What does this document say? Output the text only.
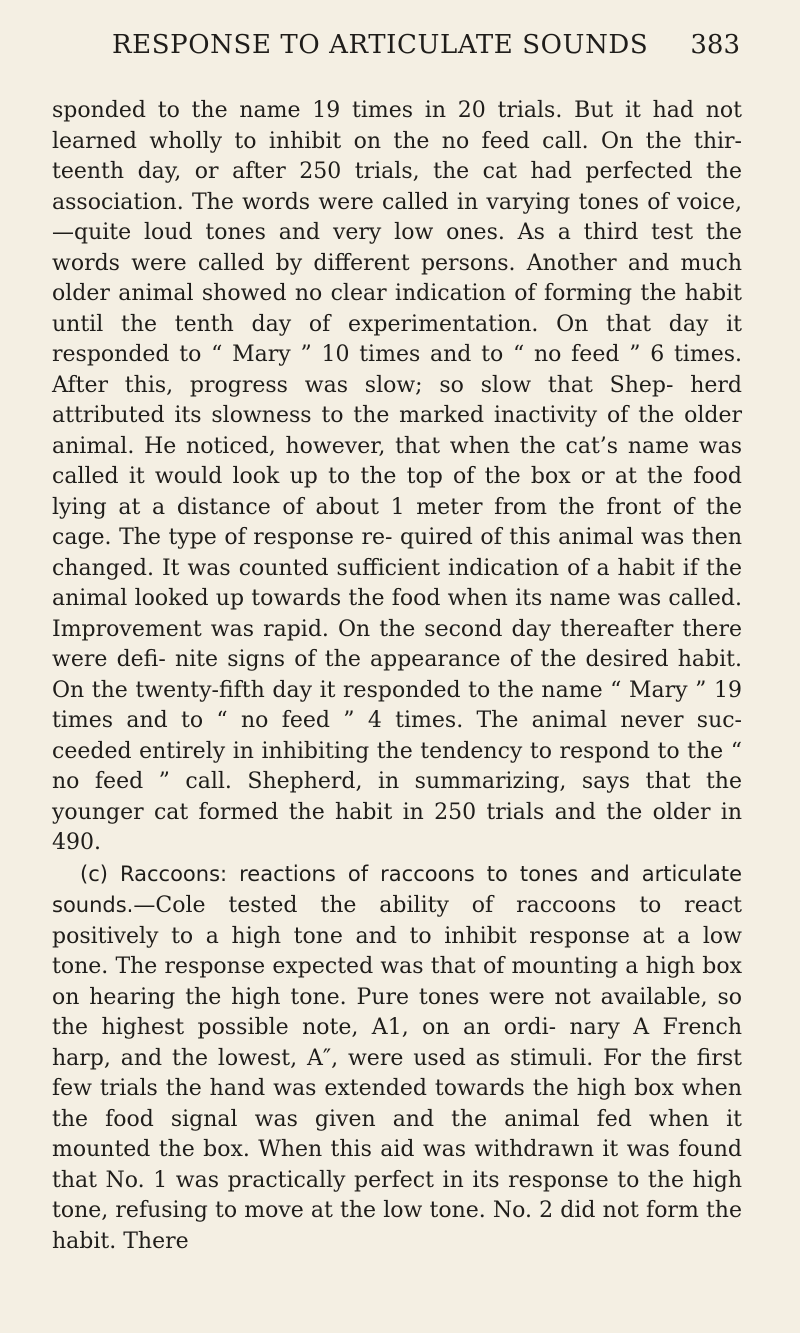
RESPONSE TO ARTICULATE SOUNDS 383

sponded to the name 19 times in 20 trials. But it had not learned wholly to inhibit on the no feed call. On the thir- teenth day, or after 250 trials, the cat had perfected the association. The words were called in varying tones of voice,—quite loud tones and very low ones. As a third test the words were called by different persons. Another and much older animal showed no clear indication of forming the habit until the tenth day of experimentation. On that day it responded to “ Mary ” 10 times and to “ no feed ” 6 times. After this, progress was slow; so slow that Shep- herd attributed its slowness to the marked inactivity of the older animal. He noticed, however, that when the cat’s name was called it would look up to the top of the box or at the food lying at a distance of about 1 meter from the front of the cage. The type of response re- quired of this animal was then changed. It was counted sufficient indication of a habit if the animal looked up towards the food when its name was called. Improvement was rapid. On the second day thereafter there were defi- nite signs of the appearance of the desired habit. On the twenty-fifth day it responded to the name “ Mary ” 19 times and to “ no feed ” 4 times. The animal never suc- ceeded entirely in inhibiting the tendency to respond to the “ no feed ” call. Shepherd, in summarizing, says that the younger cat formed the habit in 250 trials and the older in 490.

(c) Raccoons: reactions of raccoons to tones and articulate sounds.—Cole tested the ability of raccoons to react positively to a high tone and to inhibit response at a low tone. The response expected was that of mounting a high box on hearing the high tone. Pure tones were not available, so the highest possible note, A1, on an ordi- nary A French harp, and the lowest, A″, were used as stimuli. For the first few trials the hand was extended towards the high box when the food signal was given and the animal fed when it mounted the box. When this aid was withdrawn it was found that No. 1 was practically perfect in its response to the high tone, refusing to move at the low tone. No. 2 did not form the habit. There
